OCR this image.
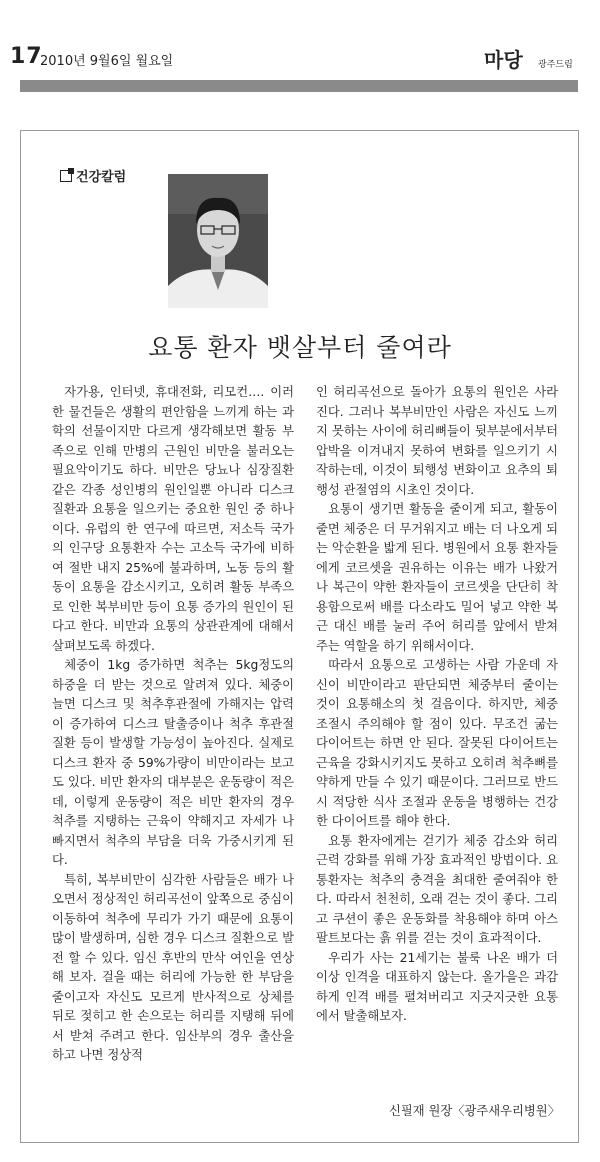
17
2010년 9월6일 월요일	마당 광주드림
건강칼럼
요통 환자 뱃살부터 줄여라

자가용, 인터넷, 휴대전화, 리모컨…. 이러한 물건들은 생활의 편안함을 느끼게 하는 과학의 선물이지만 다르게 생각해보면 활동 부족으로 인해 만병의 근원인 비만을 불러오는 필요악이기도 하다. 비만은 당뇨나 심장질환 같은 각종 성인병의 원인일뿐 아니라 디스크질환과 요통을 일으키는 중요한 원인 중 하나이다. 유럽의 한 연구에 따르면, 저소득 국가의 인구당 요통환자 수는 고소득 국가에 비하여 절반 내지 25%에 불과하며, 노동 등의 활동이 요통을 감소시키고, 오히려 활동 부족으로 인한 복부비만 등이 요통 증가의 원인이 된다고 한다. 비만과 요통의 상관관계에 대해서 살펴보도록 하겠다.

체중이 1kg 증가하면 척추는 5kg정도의 하중을 더 받는 것으로 알려져 있다. 체중이 늘면 디스크 및 척추후관절에 가해지는 압력이 증가하여 디스크 탈출증이나 척추 후관절 질환 등이 발생할 가능성이 높아진다. 실제로 디스크 환자 중 59%가량이 비만이라는 보고도 있다. 비만 환자의 대부분은 운동량이 적은데, 이렇게 운동량이 적은 비만 환자의 경우 척추를 지탱하는 근육이 약해지고 자세가 나빠지면서 척추의 부담을 더욱 가중시키게 된다.

특히, 복부비만이 심각한 사람들은 배가 나오면서 정상적인 허리곡선이 앞쪽으로 중심이 이동하여 척추에 무리가 가기 때문에 요통이 많이 발생하며, 심한 경우 디스크 질환으로 발전 할 수 있다. 임신 후반의 만삭 여인을 연상해 보자. 걸을 때는 허리에 가능한 한 부담을 줄이고자 자신도 모르게 반사적으로 상체를 뒤로 젖히고 한 손으로는 허리를 지탱해 뒤에서 받쳐 주려고 한다. 임산부의 경우 출산을 하고 나면 정상적

인 허리곡선으로 돌아가 요통의 원인은 사라진다. 그러나 복부비만인 사람은 자신도 느끼지 못하는 사이에 허리뼈들이 뒷부분에서부터 압박을 이겨내지 못하여 변화를 일으키기 시작하는데, 이것이 퇴행성 변화이고 요추의 퇴행성 관절염의 시초인 것이다.

요통이 생기면 활동을 줄이게 되고, 활동이 줄면 체중은 더 무거워지고 배는 더 나오게 되는 악순환을 밟게 된다. 병원에서 요통 환자들에게 코르셋을 권유하는 이유는 배가 나왔거나 복근이 약한 환자들이 코르셋을 단단히 착용함으로써 배를 다소라도 밀어 넣고 약한 복근 대신 배를 눌러 주어 허리를 앞에서 받쳐 주는 역할을 하기 위해서이다.

따라서 요통으로 고생하는 사람 가운데 자신이 비만이라고 판단되면 체중부터 줄이는 것이 요통해소의 첫 걸음이다. 하지만, 체중 조절시 주의해야 할 점이 있다. 무조건 굶는 다이어트는 하면 안 된다. 잘못된 다이어트는 근육을 강화시키지도 못하고 오히려 척추뼈를 약하게 만들 수 있기 때문이다. 그러므로 반드시 적당한 식사 조절과 운동을 병행하는 건강한 다이어트를 해야 한다.

요통 환자에게는 걷기가 체중 감소와 허리 근력 강화를 위해 가장 효과적인 방법이다. 요통환자는 척추의 충격을 최대한 줄여줘야 한다. 따라서 천천히, 오래 걷는 것이 좋다. 그리고 쿠션이 좋은 운동화를 착용해야 하며 아스팔트보다는 흙 위를 걷는 것이 효과적이다.

우리가 사는 21세기는 불룩 나온 배가 더 이상 인격을 대표하지 않는다. 올가을은 과감하게 인격 배를 펼쳐버리고 지긋지긋한 요통에서 탈출해보자.

신필재 원장〈광주새우리병원〉
